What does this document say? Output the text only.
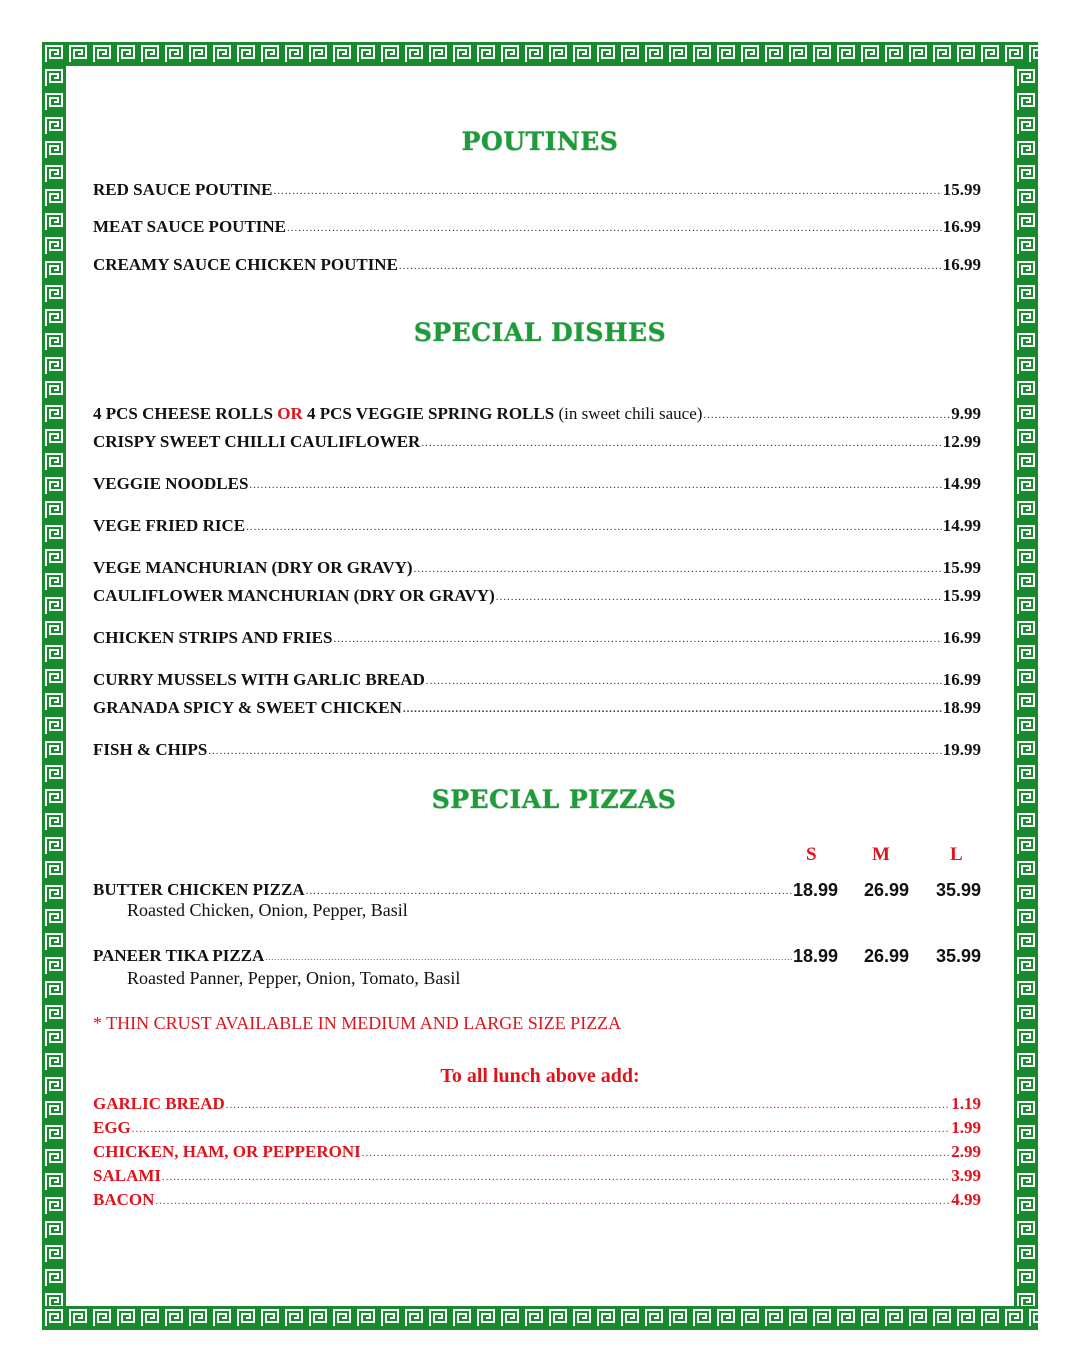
POUTINES
RED SAUCE POUTINE .....	15.99
MEAT SAUCE POUTINE .....	16.99
CREAMY SAUCE CHICKEN POUTINE .....	16.99
SPECIAL DISHES
4 PCS CHEESE ROLLS OR 4 PCS VEGGIE SPRING ROLLS (in sweet chili sauce) .....	9.99
CRISPY SWEET CHILLI CAULIFLOWER .....	12.99
VEGGIE NOODLES .....	14.99
VEGE FRIED RICE .....	14.99
VEGE MANCHURIAN (DRY OR GRAVY) .....	15.99
CAULIFLOWER MANCHURIAN (DRY OR GRAVY) .....	15.99
CHICKEN STRIPS AND FRIES .....	16.99
CURRY MUSSELS WITH GARLIC BREAD .....	16.99
GRANADA SPICY & SWEET CHICKEN .....	18.99
FISH & CHIPS .....	19.99
SPECIAL PIZZAS
S	M	L
BUTTER CHICKEN PIZZA .....	18.99 26.99 35.99
Roasted Chicken, Onion, Pepper, Basil
PANEER TIKA PIZZA .....	18.99 26.99 35.99
Roasted Panner, Pepper, Onion, Tomato, Basil
* THIN CRUST AVAILABLE IN MEDIUM AND LARGE SIZE PIZZA
To all lunch above add:
GARLIC BREAD .....	1.19
EGG .....	1.99
CHICKEN, HAM, OR PEPPERONI .....	2.99
SALAMI .....	3.99
BACON .....	4.99
